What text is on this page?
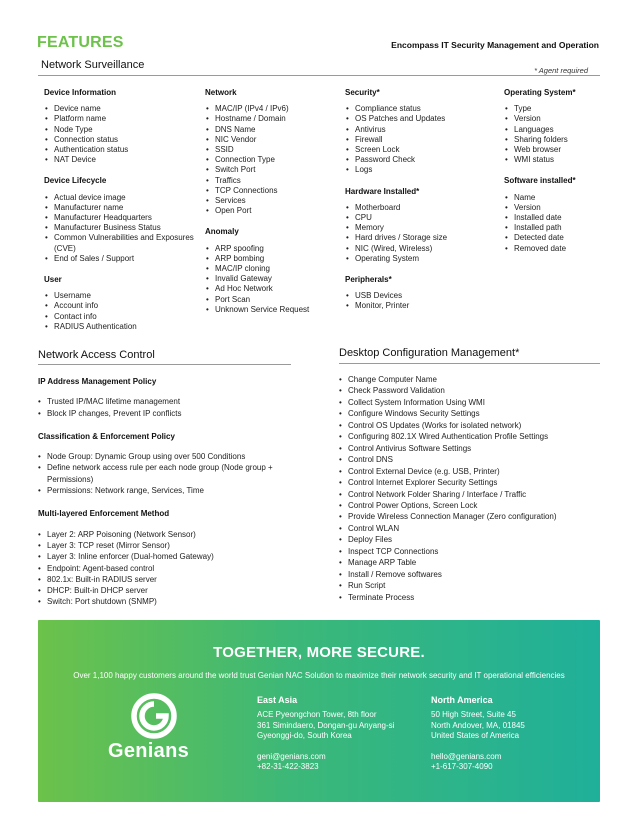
FEATURES	Encompass IT Security Management and Operation
Network Surveillance	* Agent required
Device Information
• Device name
• Platform name
• Node Type
• Connection status
• Authentication status
• NAT Device
Device Lifecycle
• Actual device image
• Manufacturer name
• Manufacturer Headquarters
• Manufacturer Business Status
• Common Vulnerabilities and Exposures (CVE)
• End of Sales / Support
User
• Username
• Account info
• Contact info
• RADIUS Authentication
Network
• MAC/IP (IPv4 / IPv6)
• Hostname / Domain
• DNS Name
• NIC Vendor
• SSID
• Connection Type
• Switch Port
• Traffics
• TCP Connections
• Services
• Open Port
Anomaly
• ARP spoofing
• ARP bombing
• MAC/IP cloning
• Invalid Gateway
• Ad Hoc Network
• Port Scan
• Unknown Service Request
Security*
• Compliance status
• OS Patches and Updates
• Antivirus
• Firewall
• Screen Lock
• Password Check
• Logs
Hardware Installed*
• Motherboard
• CPU
• Memory
• Hard drives / Storage size
• NIC (Wired, Wireless)
• Operating System
Peripherals*
• USB Devices
• Monitor, Printer
Operating System*
• Type
• Version
• Languages
• Sharing folders
• Web browser
• WMI status
Software installed*
• Name
• Version
• Installed date
• Installed path
• Detected date
• Removed date
Network Access Control
IP Address Management Policy
• Trusted IP/MAC lifetime management
• Block IP changes, Prevent IP conflicts
Classification & Enforcement Policy
• Node Group: Dynamic Group using over 500 Conditions
• Define network access rule per each node group (Node group + Permissions)
• Permissions: Network range, Services, Time
Multi-layered Enforcement Method
• Layer 2: ARP Poisoning (Network Sensor)
• Layer 3: TCP reset (Mirror Sensor)
• Layer 3: Inline enforcer (Dual-homed Gateway)
• Endpoint: Agent-based control
• 802.1x: Built-in RADIUS server
• DHCP: Built-in DHCP server
• Switch: Port shutdown (SNMP)
Desktop Configuration Management*
• Change Computer Name
• Check Password Validation
• Collect System Information Using WMI
• Configure Windows Security Settings
• Control OS Updates (Works for isolated network)
• Configuring 802.1X Wired Authentication Profile Settings
• Control Antivirus Software Settings
• Control DNS
• Control External Device (e.g. USB, Printer)
• Control Internet Explorer Security Settings
• Control Network Folder Sharing / Interface / Traffic
• Control Power Options, Screen Lock
• Provide Wireless Connection Manager (Zero configuration)
• Control WLAN
• Deploy Files
• Inspect TCP Connections
• Manage ARP Table
• Install / Remove softwares
• Run Script
• Terminate Process
TOGETHER, MORE SECURE.
Over 1,100 happy customers around the world trust Genian NAC Solution to maximize their network security and IT operational efficiencies
Genians
East Asia
ACE Pyeongchon Tower, 8th floor
361 Simindaero, Dongan-gu Anyang-si
Gyeonggi-do, South Korea
geni@genians.com
+82-31-422-3823
North America
50 High Street, Suite 45
North Andover, MA, 01845
United States of America
hello@genians.com
+1-617-307-4090
